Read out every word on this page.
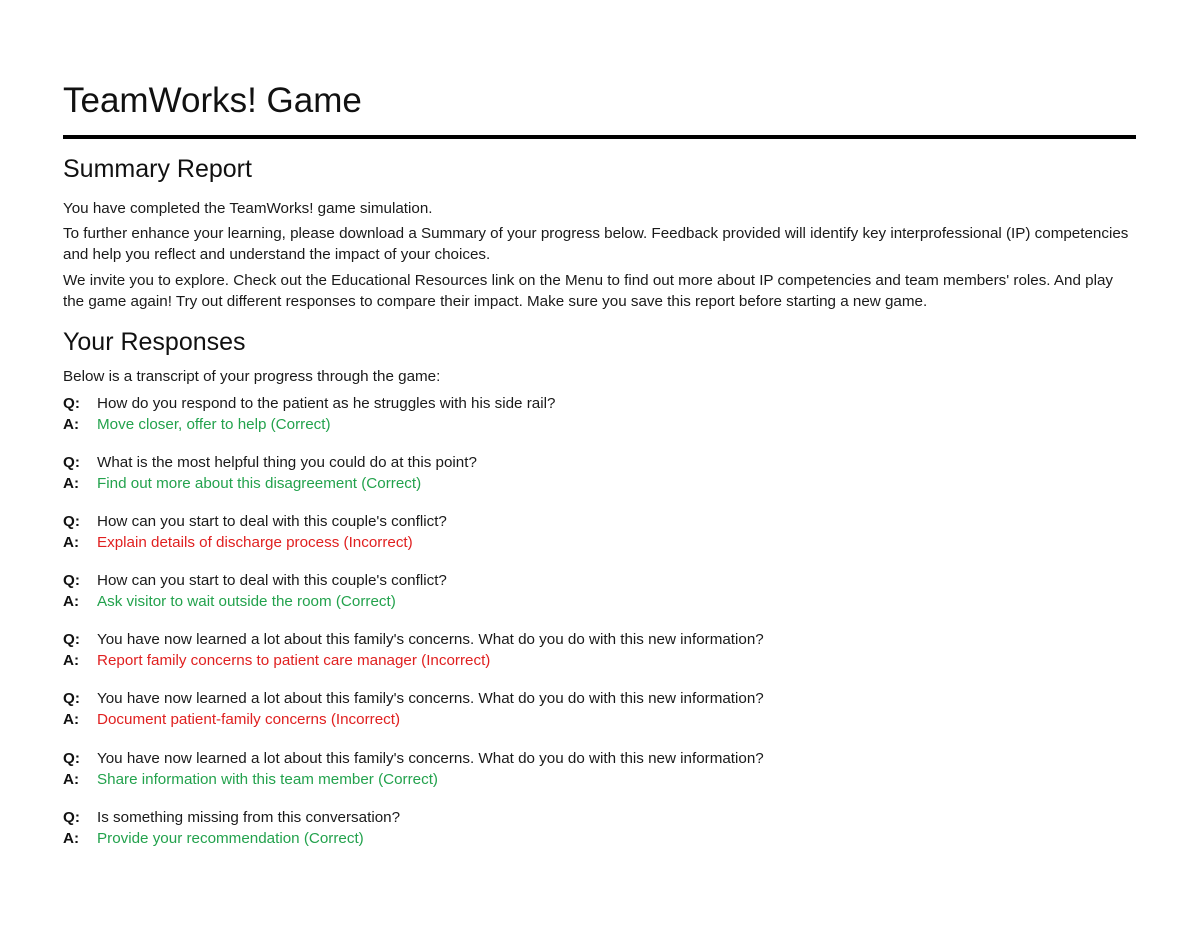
TeamWorks! Game
Summary Report

You have completed the TeamWorks! game simulation.

To further enhance your learning, please download a Summary of your progress below. Feedback provided will identify key interprofessional (IP) competencies and help you reflect and understand the impact of your choices.

We invite you to explore. Check out the Educational Resources link on the Menu to find out more about IP competencies and team members' roles. And play the game again! Try out different responses to compare their impact. Make sure you save this report before starting a new game.

Your Responses

Below is a transcript of your progress through the game:

Q:	How do you respond to the patient as he struggles with his side rail?
A:	Move closer, offer to help (Correct)
Q:	What is the most helpful thing you could do at this point?
A:	Find out more about this disagreement (Correct)
Q:	How can you start to deal with this couple's conflict?
A:	Explain details of discharge process (Incorrect)
Q:	How can you start to deal with this couple's conflict?
A:	Ask visitor to wait outside the room (Correct)
Q:	You have now learned a lot about this family's concerns. What do you do with this new information?
A:	Report family concerns to patient care manager (Incorrect)
Q:	You have now learned a lot about this family's concerns. What do you do with this new information?
A:	Document patient-family concerns (Incorrect)
Q:	You have now learned a lot about this family's concerns. What do you do with this new information?
A:	Share information with this team member (Correct)
Q:	Is something missing from this conversation?
A:	Provide your recommendation (Correct)
